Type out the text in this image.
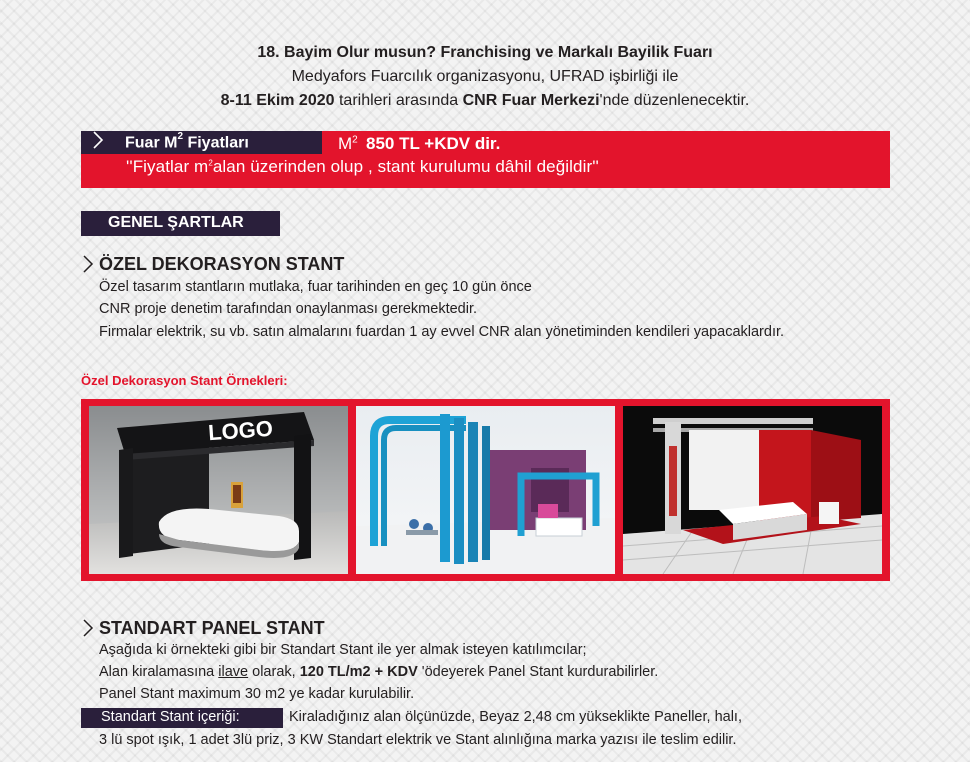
18. Bayim Olur musun? Franchising ve Markalı Bayilik Fuarı
Medyafors Fuarcılık organizasyonu, UFRAD işbirliği ile
8-11 Ekim 2020 tarihleri arasında CNR Fuar Merkezi'nde düzenlenecektir.
Fuar $M^2$ Fiyatları	$M^2$ 850 TL +KDV dir.
''Fiyatlar $m^2alan$ üzerinden olup , stant kurulumu dâhil değildir''
GENEL ŞARTLAR
ÖZEL DEKORASYON STANT
Özel tasarım stantların mutlaka, fuar tarihinden en geç 10 gün önce
CNR proje denetim tarafından onaylanması gerekmektedir.
Firmalar elektrik, su vb. satın almalarını fuardan 1 ay evvel CNR alan yönetiminden kendileri yapacaklardır.
Özel Dekorasyon Stant Örnekleri:
LOGO
STANDART PANEL STANT
Aşağıda ki örnekteki gibi bir Standart Stant ile yer almak isteyen katılımcılar;
Alan kiralamasına ilave olarak, 120 TL/m2 + KDV 'ödeyerek Panel Stant kurdurabilirler.
Panel Stant maximum 30 m2 ye kadar kurulabilir.
Standart Stant içeriği:	Kiraladığınız alan ölçünüzde, Beyaz 2,48 cm yükseklikte Paneller, halı,
3 lü spot ışık, 1 adet 3lü priz, 3 KW Standart elektrik ve Stant alınlığına marka yazısı ile teslim edilir.
